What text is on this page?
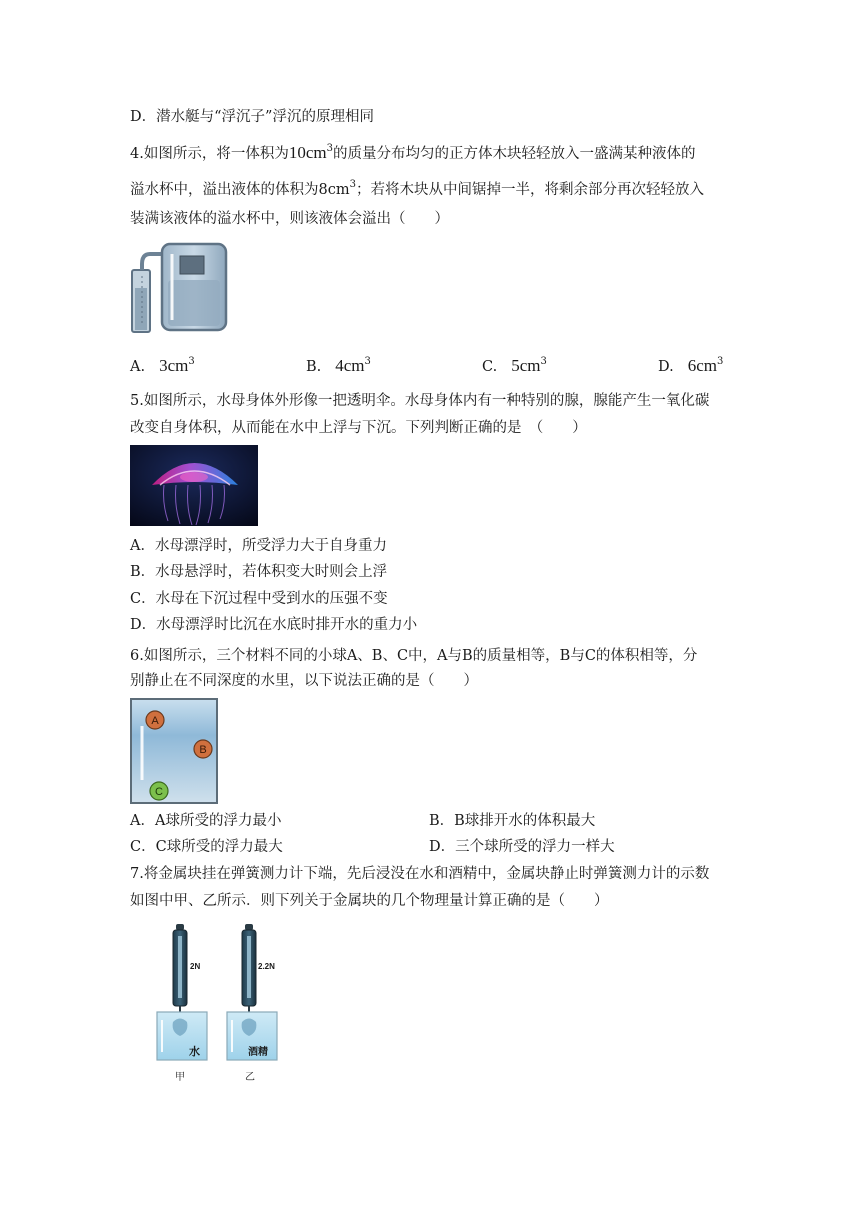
D．潜水艇与“浮沉子”浮沉的原理相同
4.如图所示，将一体积为$10cm^3$的质量分布均匀的正方体木块轻轻放入一盛满某种液体的
溢水杯中，溢出液体的体积为$8cm^3$；若将木块从中间锯掉一半，将剩余部分再次轻轻放入
装满该液体的溢水杯中，则该液体会溢出（　　）
A. $3cm^3$	B. $4cm^3$	C. $5cm^3$	D. $6cm^3$
5.如图所示，水母身体外形像一把透明伞。水母身体内有一种特别的腺，腺能产生一氧化碳
改变自身体积，从而能在水中上浮与下沉。下列判断正确的是　（　　）
A．水母漂浮时，所受浮力大于自身重力
B．水母悬浮时，若体积变大时则会上浮
C．水母在下沉过程中受到水的压强不变
D．水母漂浮时比沉在水底时排开水的重力小
6.如图所示，三个材料不同的小球A、B、C中，A与B的质量相等，B与C的体积相等，分
别静止在不同深度的水里，以下说法正确的是（　　）
A
B
C
A．A球所受的浮力最小	B．B球排开水的体积最大
C．C球所受的浮力最大	D．三个球所受的浮力一样大
7.将金属块挂在弹簧测力计下端，先后浸没在水和酒精中，金属块静止时弹簧测力计的示数
如图中甲、乙所示．则下列关于金属块的几个物理量计算正确的是（　　）
2N
水
甲
2.2N
酒精
乙
